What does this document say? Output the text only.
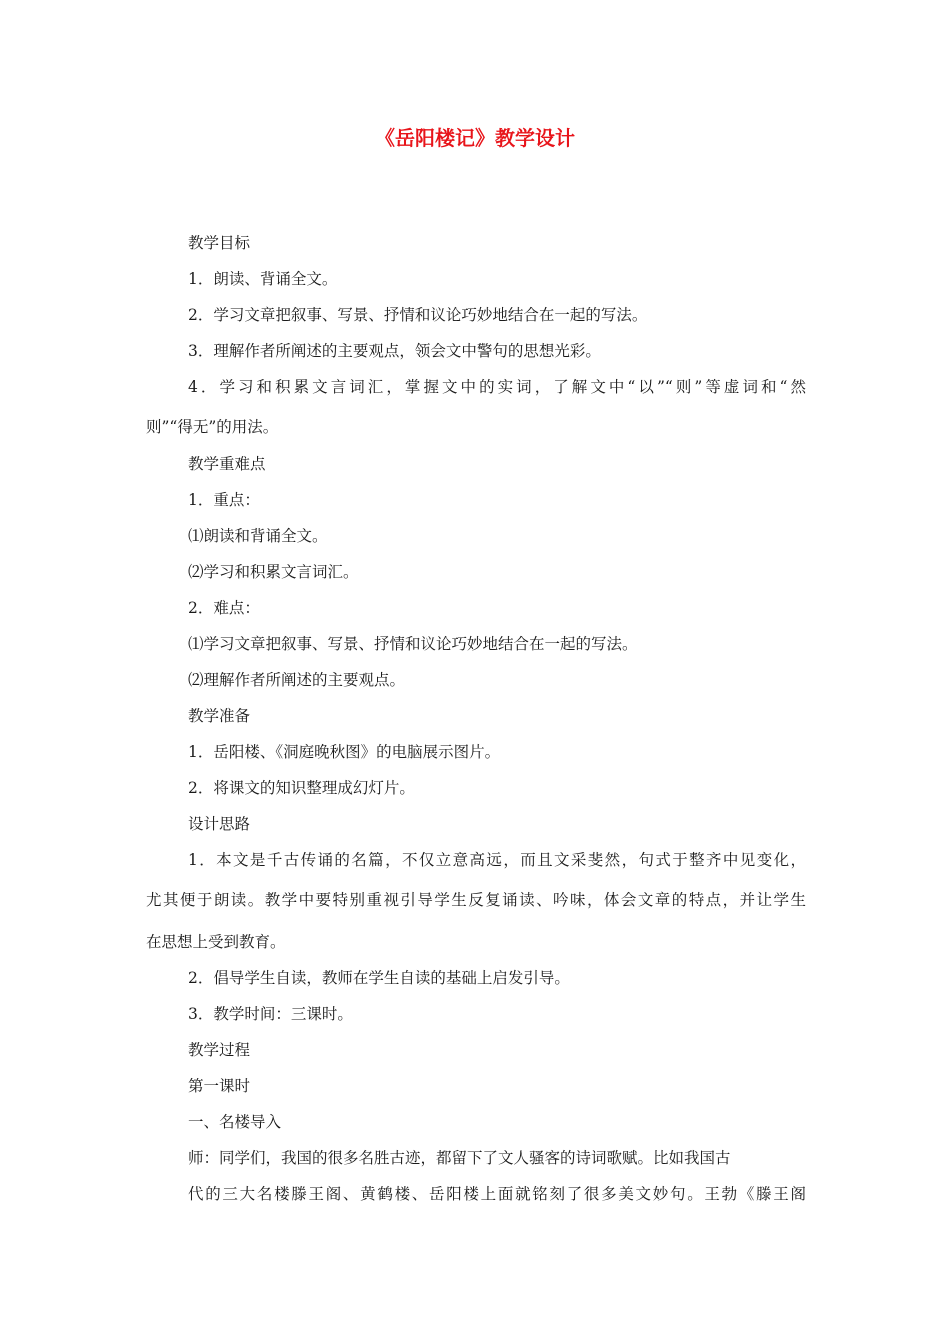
《岳阳楼记》教学设计
教学目标
1．朗读、背诵全文。
2．学习文章把叙事、写景、抒情和议论巧妙地结合在一起的写法。
3．理解作者所阐述的主要观点，领会文中警句的思想光彩。
4．学习和积累文言词汇，掌握文中的实词，了解文中“以”“则”等虚词和“然
则”“得无”的用法。
教学重难点
1．重点：
⑴朗读和背诵全文。
⑵学习和积累文言词汇。
2．难点：
⑴学习文章把叙事、写景、抒情和议论巧妙地结合在一起的写法。
⑵理解作者所阐述的主要观点。
教学准备
1．岳阳楼、《洞庭晚秋图》的电脑展示图片。
2．将课文的知识整理成幻灯片。
设计思路
1．本文是千古传诵的名篇，不仅立意高远，而且文采斐然，句式于整齐中见变化，
尤其便于朗读。教学中要特别重视引导学生反复诵读、吟味，体会文章的特点，并让学生
在思想上受到教育。
2．倡导学生自读，教师在学生自读的基础上启发引导。
3．教学时间：三课时。
教学过程
第一课时
一、名楼导入
师：同学们，我国的很多名胜古迹，都留下了文人骚客的诗词歌赋。比如我国古
代的三大名楼滕王阁、黄鹤楼、岳阳楼上面就铭刻了很多美文妙句。王勃《滕王阁
